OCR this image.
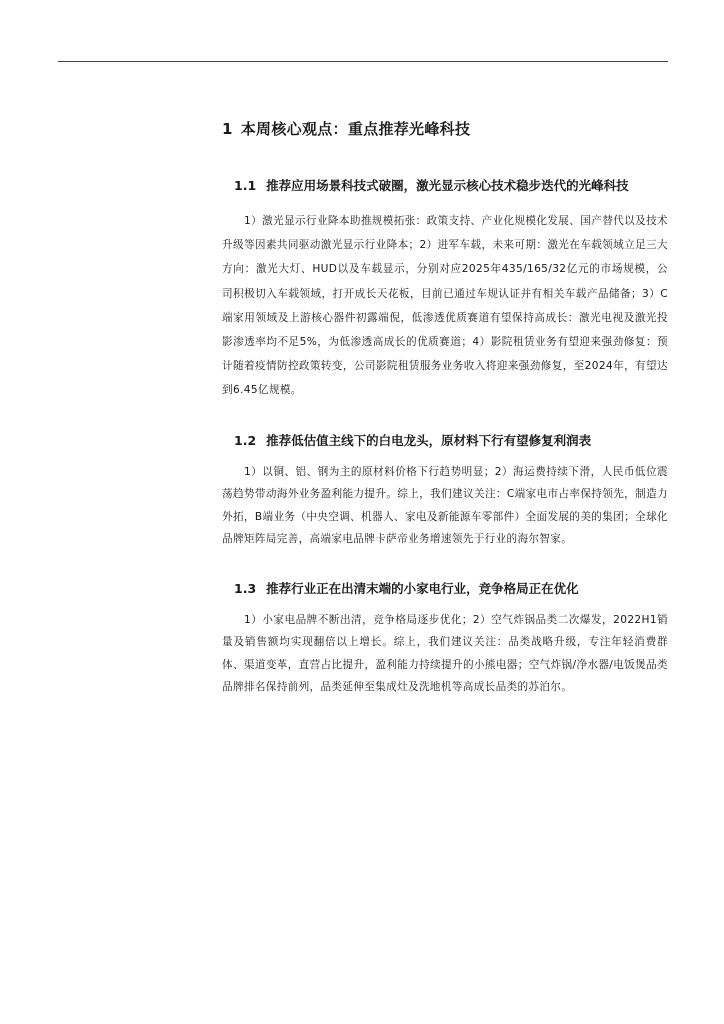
1 本周核心观点：重点推荐光峰科技
1.1 推荐应用场景科技式破圈，激光显示核心技术稳步迭代的光峰科技

1）激光显示行业降本助推规模拓张：政策支持、产业化规模化发展、国产替代以及技术升级等因素共同驱动激光显示行业降本；2）进军车载，未来可期：激光在车载领域立足三大方向：激光大灯、HUD以及车载显示，分别对应2025年435/165/32亿元的市场规模，公司积极切入车载领域，打开成长天花板，目前已通过车规认证并有相关车载产品储备；3）C端家用领域及上游核心器件初露端倪，低渗透优质赛道有望保持高成长：激光电视及激光投影渗透率均不足5%，为低渗透高成长的优质赛道；4）影院租赁业务有望迎来强劲修复：预计随着疫情防控政策转变，公司影院租赁服务业务收入将迎来强劲修复，至2024年，有望达到6.45亿规模。

1.2 推荐低估值主线下的白电龙头，原材料下行有望修复利润表

1）以铜、铝、钢为主的原材料价格下行趋势明显；2）海运费持续下滑，人民币低位震荡趋势带动海外业务盈利能力提升。综上，我们建议关注：C端家电市占率保持领先，制造力外拓，B端业务（中央空调、机器人、家电及新能源车零部件）全面发展的美的集团；全球化品牌矩阵局完善，高端家电品牌卡萨帝业务增速领先于行业的海尔智家。

1.3 推荐行业正在出清末端的小家电行业，竞争格局正在优化

1）小家电品牌不断出清，竞争格局逐步优化；2）空气炸锅品类二次爆发，2022H1销量及销售额均实现翻倍以上增长。综上，我们建议关注：品类战略升级，专注年轻消费群体、渠道变革，直营占比提升，盈利能力持续提升的小熊电器；空气炸锅/净水器/电饭煲品类品牌排名保持前列，品类延伸至集成灶及洗地机等高成长品类的苏泊尔。
